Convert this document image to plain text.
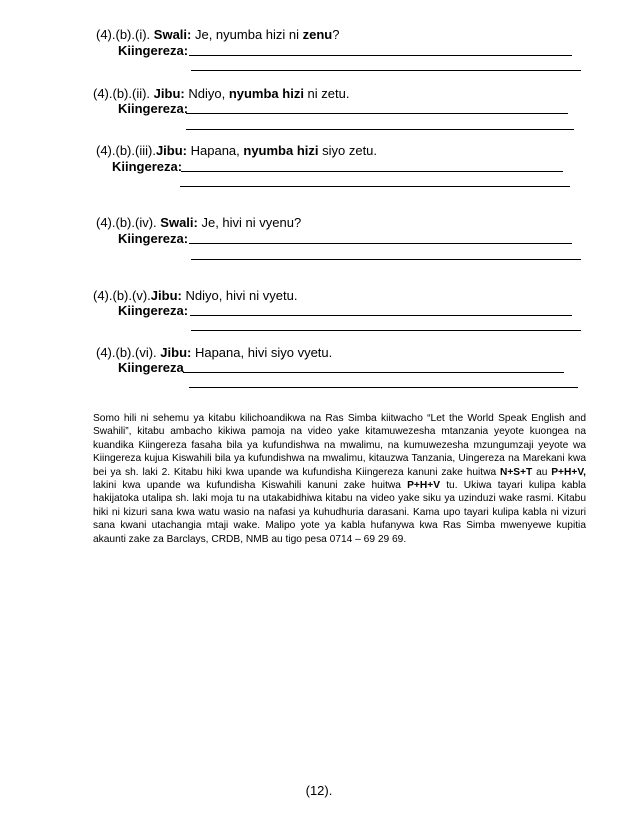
(4).(b).(i). Swali: Je, nyumba hizi ni zenu?
Kiingereza:
(4).(b).(ii). Jibu: Ndiyo, nyumba hizi ni zetu.
Kiingereza:
(4).(b).(iii).Jibu: Hapana, nyumba hizi siyo zetu.
Kiingereza:
(4).(b).(iv). Swali: Je, hivi ni vyenu?
Kiingereza:
(4).(b).(v).Jibu: Ndiyo, hivi ni vyetu.
Kiingereza:
(4).(b).(vi). Jibu: Hapana, hivi siyo vyetu.
Kiingereza
Somo hili ni sehemu ya kitabu kilichoandikwa na Ras Simba kiitwacho “Let the World Speak English and Swahili”, kitabu ambacho kikiwa pamoja na video yake kitamuwezesha mtanzania yeyote kuongea na kuandika Kiingereza fasaha bila ya kufundishwa na mwalimu, na kumuwezesha mzungumzaji yeyote wa Kiingereza kujua Kiswahili bila ya kufundishwa na mwalimu, kitauzwa Tanzania, Uingereza na Marekani kwa bei ya sh. laki 2. Kitabu hiki kwa upande wa kufundisha Kiingereza kanuni zake huitwa N+S+T au P+H+V, lakini kwa upande wa kufundisha Kiswahili kanuni zake huitwa P+H+V tu. Ukiwa tayari kulipa kabla hakijatoka utalipa sh. laki moja tu na utakabidhiwa kitabu na video yake siku ya uzinduzi wake rasmi. Kitabu hiki ni kizuri sana kwa watu wasio na nafasi ya kuhudhuria darasani. Kama upo tayari kulipa kabla ni vizuri sana kwani utachangia mtaji wake. Malipo yote ya kabla hufanywa kwa Ras Simba mwenyewe kupitia akaunti zake za Barclays, CRDB, NMB au tigo pesa 0714 – 69 29 69.
(12).
